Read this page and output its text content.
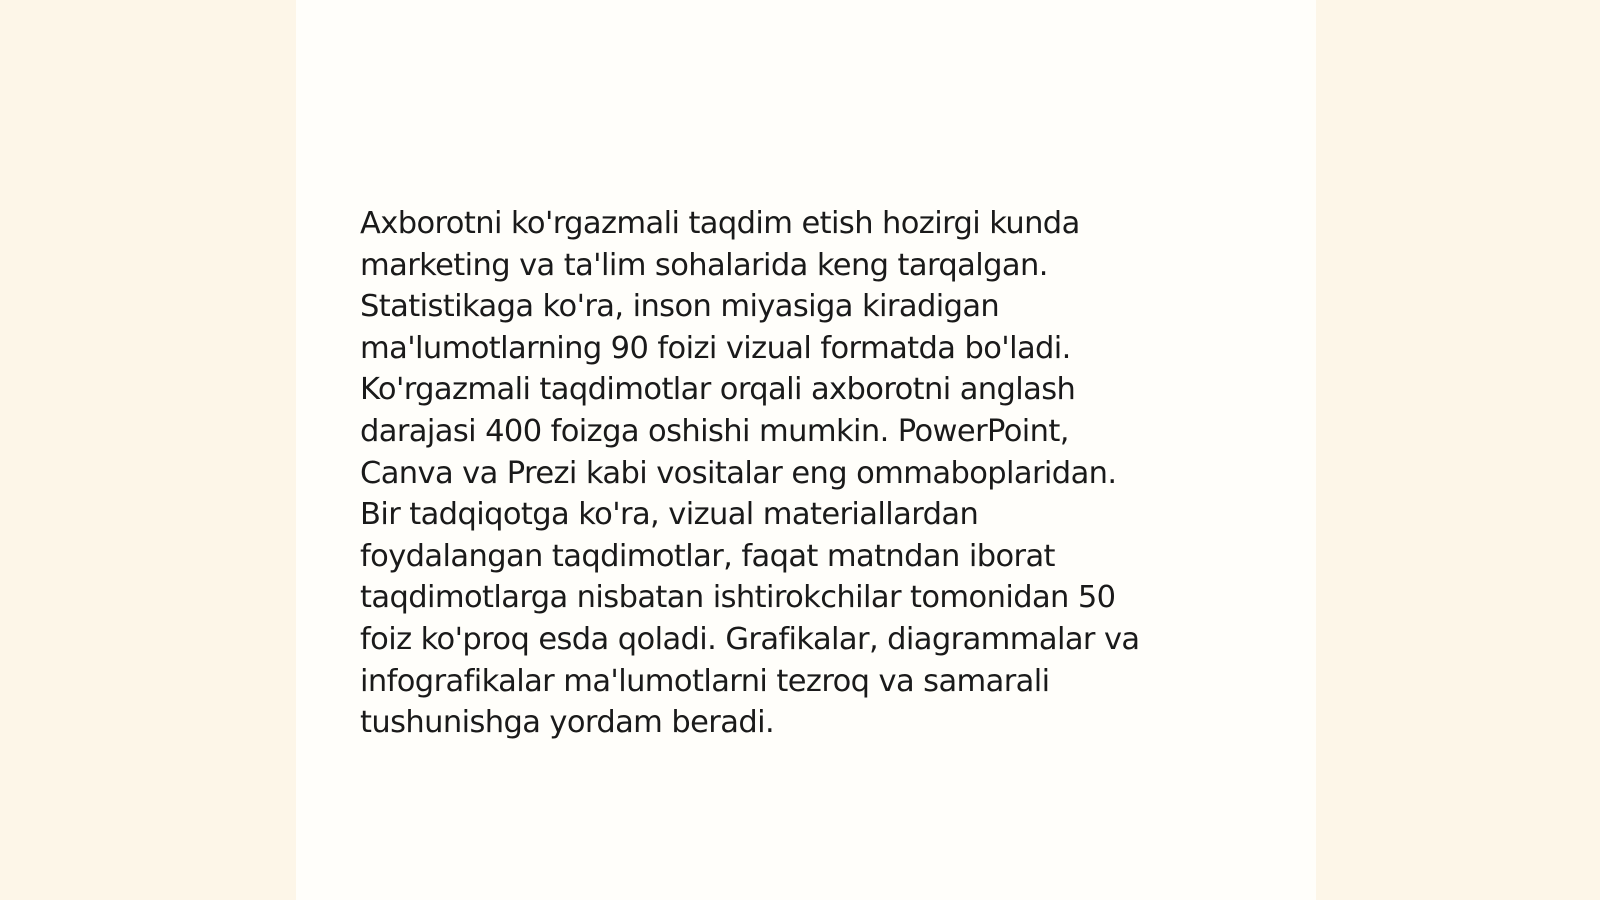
Axborotni ko'rgazmali taqdim etish hozirgi kunda
marketing va ta'lim sohalarida keng tarqalgan.
Statistikaga ko'ra, inson miyasiga kiradigan
ma'lumotlarning 90 foizi vizual formatda bo'ladi.
Ko'rgazmali taqdimotlar orqali axborotni anglash
darajasi 400 foizga oshishi mumkin. PowerPoint,
Canva va Prezi kabi vositalar eng ommaboplaridan.
Bir tadqiqotga ko'ra, vizual materiallardan
foydalangan taqdimotlar, faqat matndan iborat
taqdimotlarga nisbatan ishtirokchilar tomonidan 50
foiz ko'proq esda qoladi. Grafikalar, diagrammalar va
infografikalar ma'lumotlarni tezroq va samarali
tushunishga yordam beradi.
